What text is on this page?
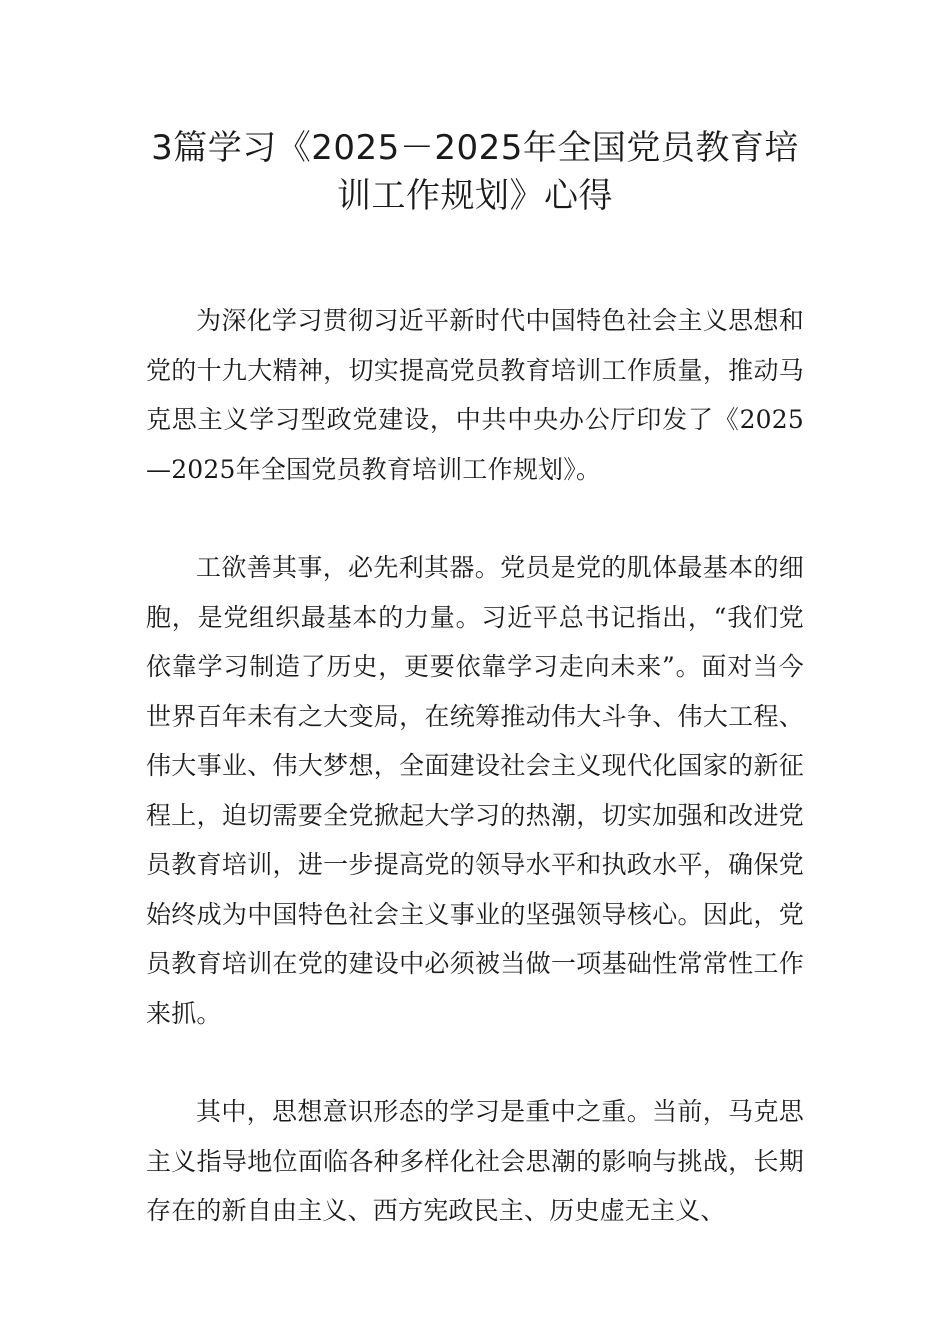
3篇学习《2025－2025年全国党员教育培
训工作规划》心得

为深化学习贯彻习近平新时代中国特色社会主义思想和党的十九大精神，切实提高党员教育培训工作质量，推动马克思主义学习型政党建设，中共中央办公厅印发了《2025—2025年全国党员教育培训工作规划》。

工欲善其事，必先利其器。党员是党的肌体最基本的细胞，是党组织最基本的力量。习近平总书记指出，“我们党依靠学习制造了历史，更要依靠学习走向未来”。面对当今世界百年未有之大变局，在统筹推动伟大斗争、伟大工程、伟大事业、伟大梦想，全面建设社会主义现代化国家的新征程上，迫切需要全党掀起大学习的热潮，切实加强和改进党员教育培训，进一步提高党的领导水平和执政水平，确保党始终成为中国特色社会主义事业的坚强领导核心。因此，党员教育培训在党的建设中必须被当做一项基础性常常性工作来抓。

其中，思想意识形态的学习是重中之重。当前，马克思主义指导地位面临各种多样化社会思潮的影响与挑战，长期存在的新自由主义、西方宪政民主、历史虚无主义、
